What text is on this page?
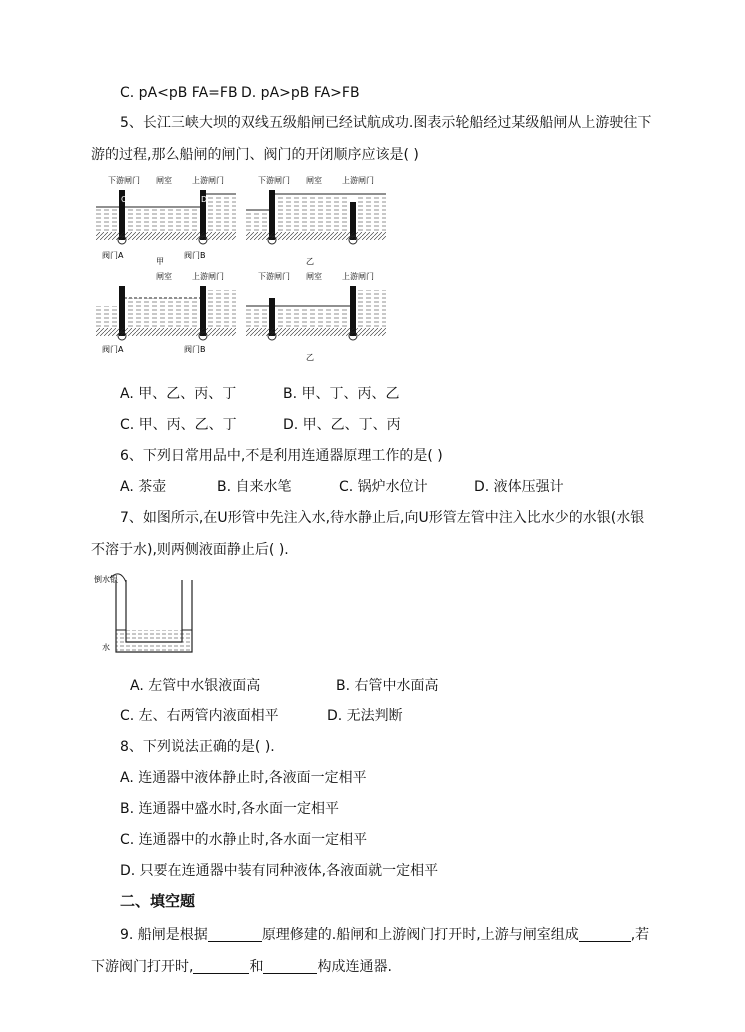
C. pA<pB FA=FB D. pA>pB FA>FB
5、长江三峡大坝的双线五级船闸已经试航成功.图表示轮船经过某级船闸从上游驶往下
游的过程,那么船闸的闸门、阀门的开闭顺序应该是( )
下游闸门 闸室	上游闸门
C	D
阀门A	阀门B
甲
下游闸门 闸室	上游闸门
乙
闸室	上游闸门
阀门A	阀门B
下游闸门 闸室	上游闸门
乙
A. 甲、乙、丙、丁	B. 甲、丁、丙、乙
C. 甲、丙、乙、丁	D. 甲、乙、丁、丙
6、下列日常用品中,不是利用连通器原理工作的是( )
A. 茶壶	B. 自来水笔	C. 锅炉水位计	D. 液体压强计
7、如图所示,在U形管中先注入水,待水静止后,向U形管左管中注入比水少的水银(水银
不溶于水),则两侧液面静止后( ).
倒水银
水
A. 左管中水银液面高	B. 右管中水面高
C. 左、右两管内液面相平	D. 无法判断
8、下列说法正确的是( ).
A. 连通器中液体静止时,各液面一定相平
B. 连通器中盛水时,各水面一定相平
C. 连通器中的水静止时,各水面一定相平
D. 只要在连通器中装有同种液体,各液面就一定相平
二、填空题
9. 船闸是根据	原理修建的.船闸和上游阀门打开时,上游与闸室组成	,若
下游阀门打开时,	和	构成连通器.
